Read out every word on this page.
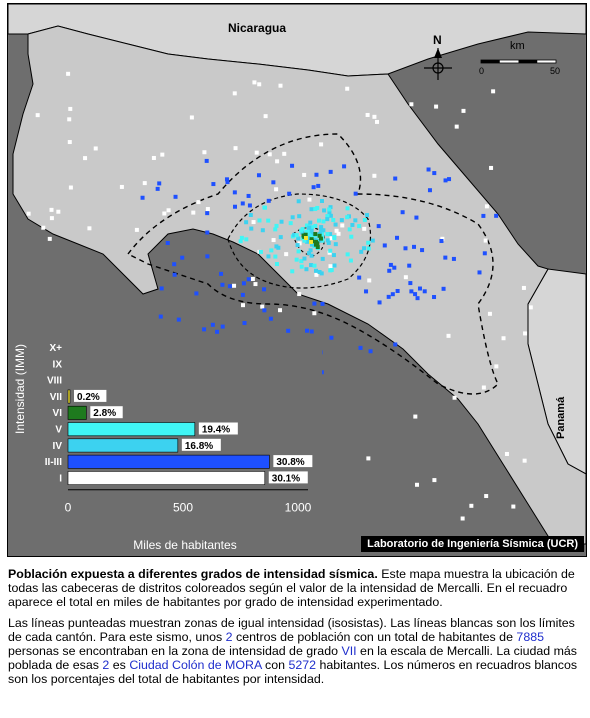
Nicaragua
Panamá
N	km
0	50
X+
IX
VIII
VII 0.2%
VI	2.8%
V	19.4%
IV	16.8%
II-III	30.8%
I	30.1%
0	500	1000
Miles de habitantes
Intensidad (IMM)
Laboratorio de Ingeniería Sísmica (UCR)

Población expuesta a diferentes grados de intensidad sísmica. Este mapa muestra la ubicación de todas las cabeceras de distritos coloreados según el valor de la intensidad de Mercalli. En el recuadro aparece el total en miles de habitantes por grado de intensidad experimentado.

Las líneas punteadas muestran zonas de igual intensidad (isosistas). Las líneas blancas son los límites de cada cantón. Para este sismo, unos 2 centros de población con un total de habitantes de 7885 personas se encontraban en la zona de intensidad de grado VII en la escala de Mercalli. La ciudad más poblada de esas 2 es Ciudad Colón de MORA con 5272 habitantes. Los números en recuadros blancos son los porcentajes del total de habitantes por intensidad.
